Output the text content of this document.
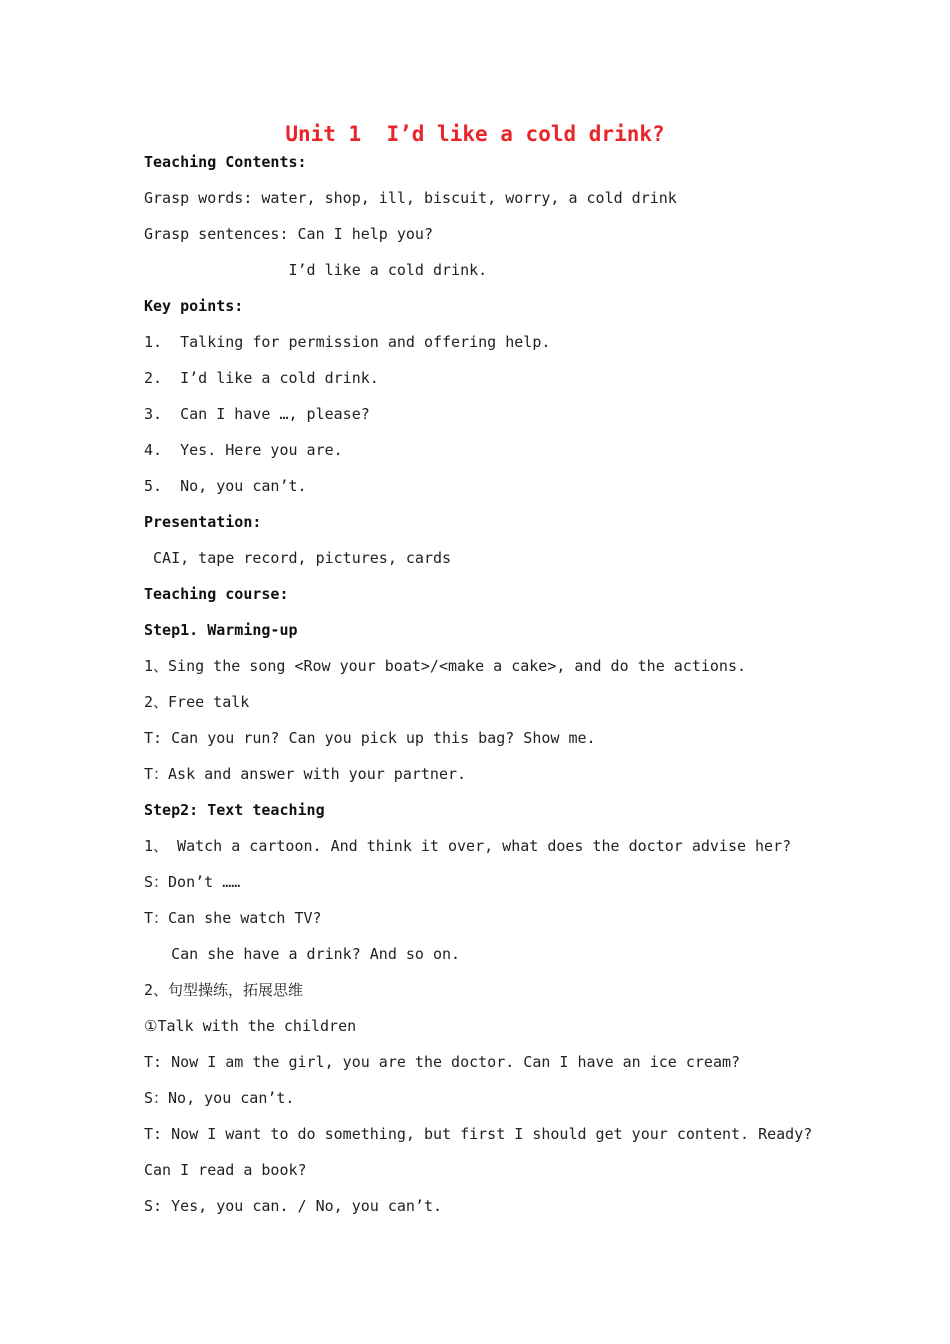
Unit 1  I’d like a cold drink?
Teaching Contents:
Grasp words: water, shop, ill, biscuit, worry, a cold drink
Grasp sentences: Can I help you?
I’d like a cold drink.
Key points:
1.  Talking for permission and offering help.
2.  I’d like a cold drink.
3.  Can I have …, please?
4.  Yes. Here you are.
5.  No, you can’t.
Presentation:
CAI, tape record, pictures, cards
Teaching course:
Step1. Warming-up
1、Sing the song <Row your boat>/<make a cake>, and do the actions.
2、Free talk
T: Can you run? Can you pick up this bag? Show me.
T：Ask and answer with your partner.
Step2: Text teaching
1、 Watch a cartoon. And think it over, what does the doctor advise her?
S：Don’t ……
T：Can she watch TV?
Can she have a drink? And so on.
2、句型操练，拓展思维
①Talk with the children
T: Now I am the girl, you are the doctor. Can I have an ice cream?
S：No, you can’t.
T: Now I want to do something, but first I should get your content. Ready?
Can I read a book?
S: Yes, you can. / No, you can’t.
